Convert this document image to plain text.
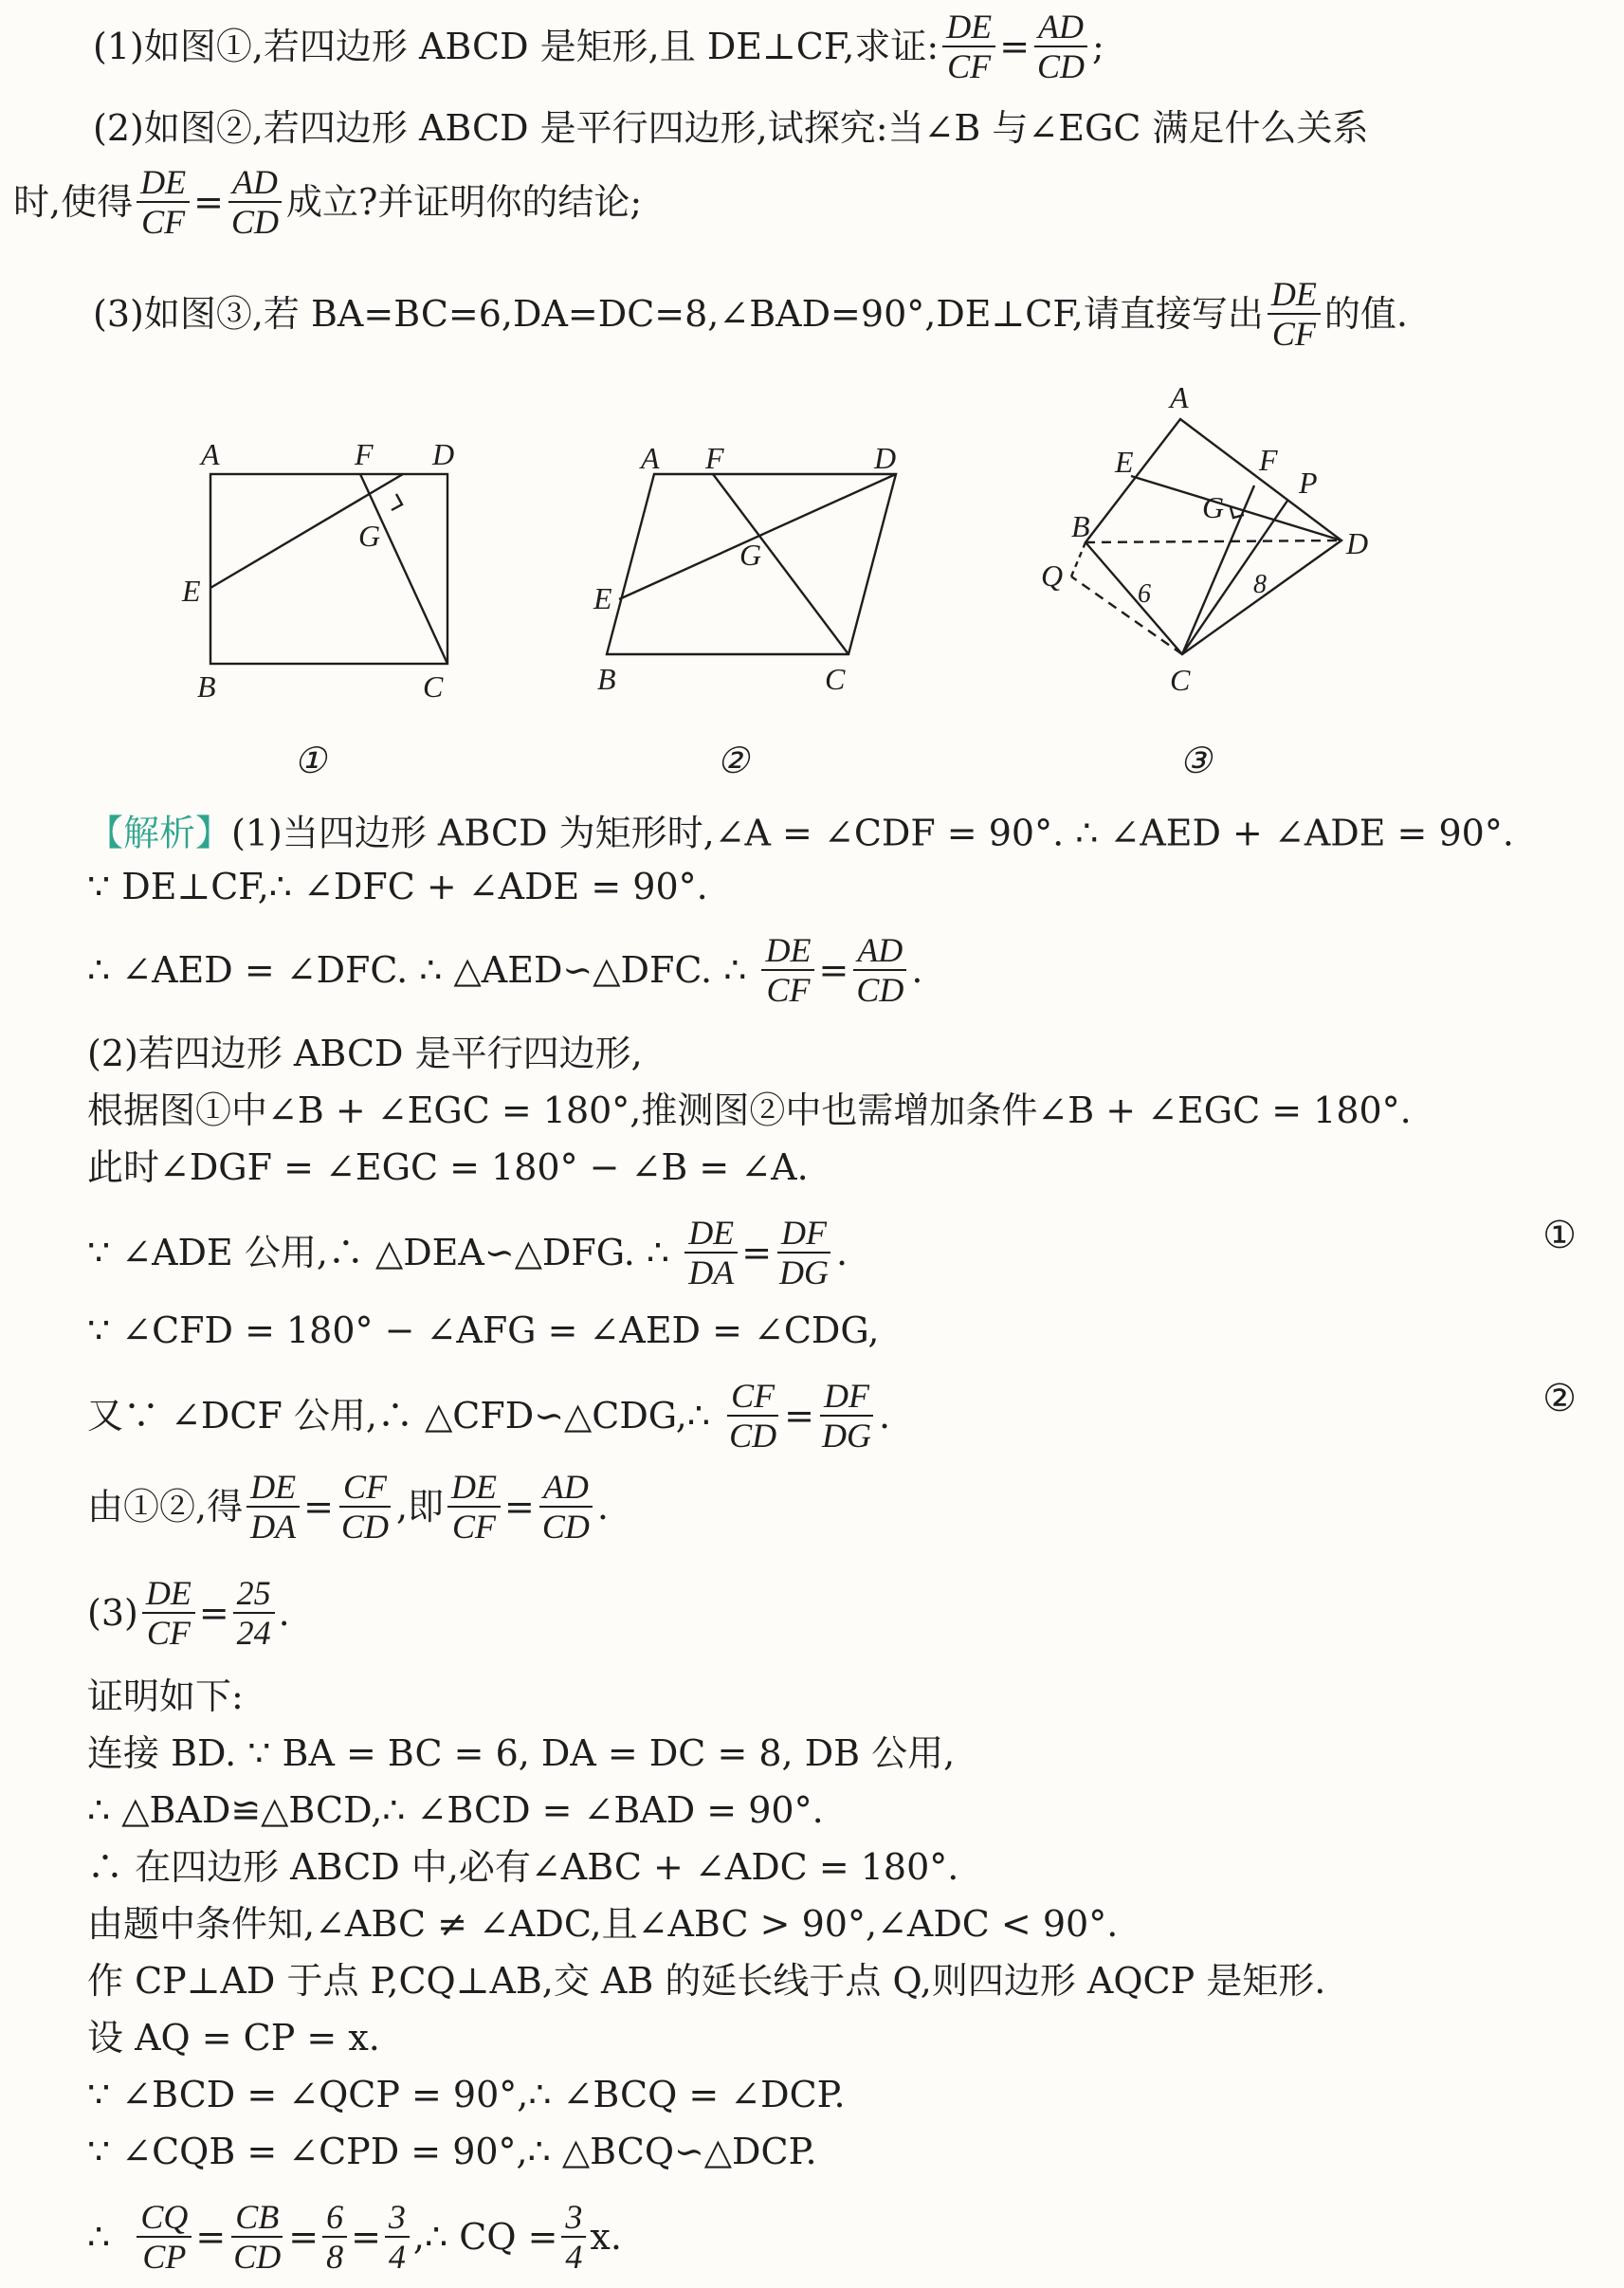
(1)如图①,若四边形 ABCD 是矩形,且 DE⊥CF,求证: $\frac{DE}{CF} = \frac{AD}{CD}$ ;
(2)如图②,若四边形 ABCD 是平行四边形,试探究:当∠B 与∠EGC 满足什么关系
时,使得 $\frac{DE}{CF} = \frac{AD}{CD}$ 成立?并证明你的结论;
(3)如图③,若 BA=BC=6,DA=DC=8,∠BAD=90°,DE⊥CF,请直接写出 $\frac{DE}{CF}$ 的值.
A
B	C
D
E
F
G
①
A
B	C
D
E
F
G
②
A
B
C
D
E	F
G
P
Q
6	8
③
【解析】(1)当四边形 ABCD 为矩形时,∠A = ∠CDF = 90°. ∴ ∠AED + ∠ADE = 90°.
∵ DE⊥CF,∴ ∠DFC + ∠ADE = 90°.
∴ ∠AED = ∠DFC. ∴ △AED∽△DFC. ∴ $\frac{DE}{CF} = \frac{AD}{CD}$ .
(2)若四边形 ABCD 是平行四边形,
根据图①中∠B + ∠EGC = 180°,推测图②中也需增加条件∠B + ∠EGC = 180°.
此时∠DGF = ∠EGC = 180° − ∠B = ∠A.
∵ ∠ADE 公用,∴ △DEA∽△DFG. ∴ $\frac{DE}{DA} = \frac{DF}{DG}$ .	①
∵ ∠CFD = 180° − ∠AFG = ∠AED = ∠CDG,
又∵ ∠DCF 公用,∴ △CFD∽△CDG,∴ $\frac{CF}{CD} = \frac{DF}{DG}$ .	②
由①②,得 $\frac{DE}{DA} = \frac{CF}{CD}$ ,即 $\frac{DE}{CF} = \frac{AD}{CD}$ .
$(3) \frac{DE}{CF} = \frac{25}{24}$ .
证明如下:
连接 BD. ∵ BA = BC = 6, DA = DC = 8, DB 公用,
∴ △BAD≌△BCD,∴ ∠BCD = ∠BAD = 90°.
∴ 在四边形 ABCD 中,必有∠ABC + ∠ADC = 180°.
由题中条件知,∠ABC ≠ ∠ADC,且∠ABC > 90°,∠ADC < 90°.
作 CP⊥AD 于点 P,CQ⊥AB,交 AB 的延长线于点 Q,则四边形 AQCP 是矩形.
设 AQ = CP = x.
∵ ∠BCD = ∠QCP = 90°,∴ ∠BCQ = ∠DCP.
∵ ∠CQB = ∠CPD = 90°,∴ △BCQ∽△DCP.
∴ $\frac{CQ}{CP} = \frac{CB}{CD} = \frac{6}{8} = \frac{3}{4}$ ,∴ CQ = $\frac{3}{4} x$.
